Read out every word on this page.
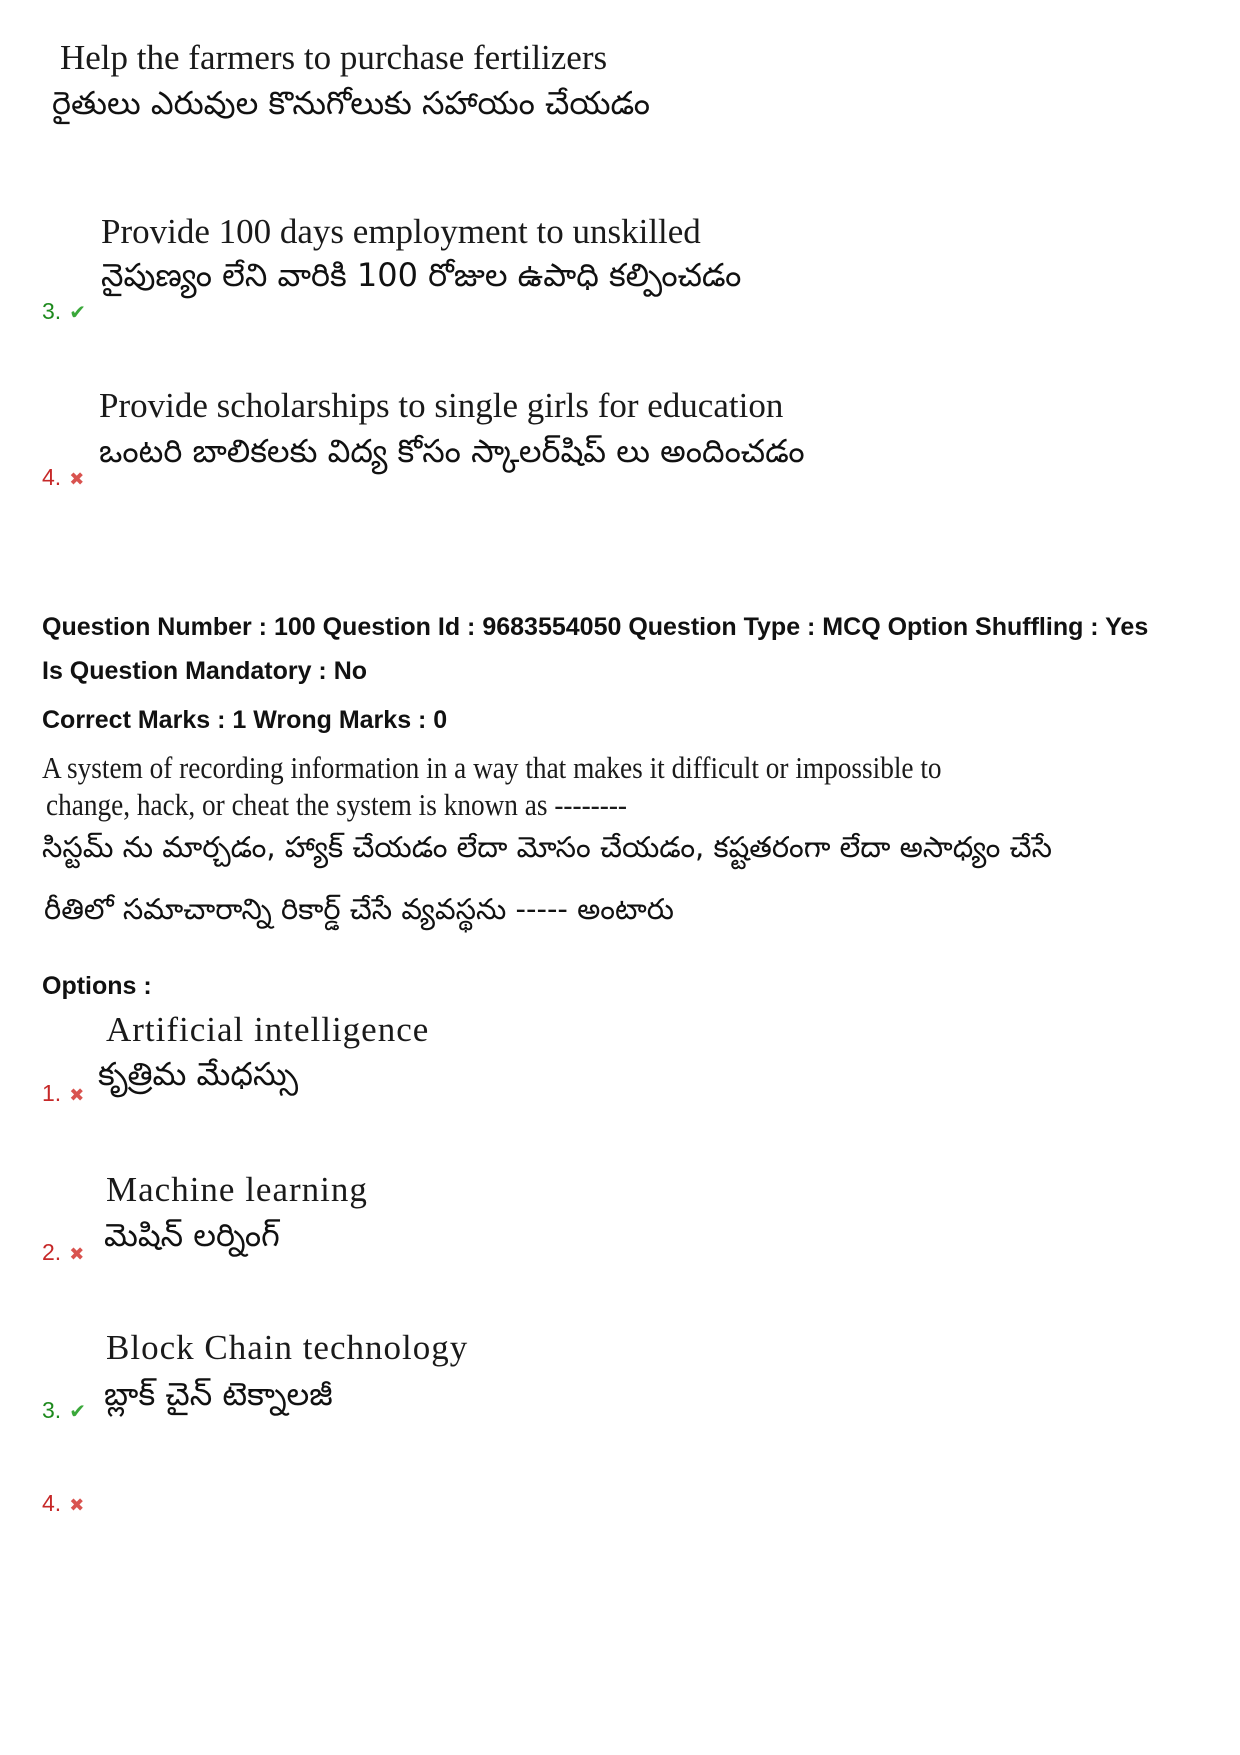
Help the farmers to purchase fertilizers
రైతులు ఎరువుల కొనుగోలుకు సహాయం చేయడం
Provide 100 days employment to unskilled
నైపుణ్యం లేని వారికి 100 రోజుల ఉపాధి కల్పించడం
3. ✔
Provide scholarships to single girls for education
ఒంటరి బాలికలకు విద్య కోసం స్కాలర్‌షిప్ లు అందించడం
4. ✖
Question Number : 100 Question Id : 9683554050 Question Type : MCQ Option Shuffling : Yes
Is Question Mandatory : No
Correct Marks : 1 Wrong Marks : 0
A system of recording information in a way that makes it difficult or impossible to
change, hack, or cheat the system is known as --------
సిస్టమ్ ను మార్చడం, హ్యాక్ చేయడం లేదా మోసం చేయడం, కష్టతరంగా లేదా అసాధ్యం చేసే
రీతిలో సమాచారాన్ని రికార్డ్ చేసే వ్యవస్థను ----- అంటారు
Options :
Artificial intelligence
కృత్రిమ మేధస్సు
1. ✖
Machine learning
మెషిన్ లర్నింగ్
2. ✖
Block Chain technology
బ్లాక్ చైన్ టెక్నాలజీ
3. ✔
4. ✖
